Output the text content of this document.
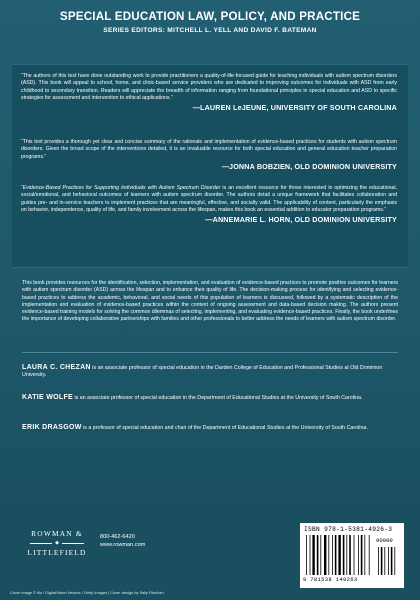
SPECIAL EDUCATION LAW, POLICY, AND PRACTICE
SERIES EDITORS: MITCHELL L. YELL AND DAVID F. BATEMAN

“The authors of this text have done outstanding work to provide practitioners a quality-of-life-focused guide for teaching individuals with autism spectrum disorders (ASD). This book will appeal to school, home, and clinic-based service providers who are dedicated to improving outcomes for individuals with ASD from early childhood to secondary transition. Readers will appreciate the breadth of information ranging from foundational principles in special education and ASD to specific strategies for assessment and intervention to ethical applications.”

—LAUREN LeJEUNE, UNIVERSITY OF SOUTH CAROLINA

“This text provides a thorough yet clear and concise summary of the rationale and implementation of evidence-based practices for students with autism spectrum disorders. Given the broad scope of the interventions detailed, it is an invaluable resource for both special education and general education teacher preparation programs.”

—JONNA BOBZIEN, OLD DOMINION UNIVERSITY

“Evidence-Based Practices for Supporting Individuals with Autism Spectrum Disorder is an excellent resource for those interested in optimizing the educational, social/emotional, and behavioral outcomes of learners with autism spectrum disorder. The authors detail a unique framework that facilitates collaboration and guides pre- and in-service teachers to implement practices that are meaningful, effective, and socially valid. The applicability of content, particularly the emphasis on behavior, independence, quality of life, and family involvement across the lifespan, makes this book an essential addition to educator preparation programs.”

—ANNEMARIE L. HORN, OLD DOMINION UNIVERSITY

This book provides resources for the identification, selection, implementation, and evaluation of evidence-based practices to promote positive outcomes for learners with autism spectrum disorder (ASD) across the lifespan and to enhance their quality of life. The decision-making process for identifying and selecting evidence-based practices to address the academic, behavioral, and social needs of this population of learners is discussed, followed by a systematic description of the implementation and evaluation of evidence-based practices within the context of ongoing assessment and data-based decision making. The authors present evidence-based training models for solving the common dilemmas of selecting, implementing, and evaluating evidence-based practices. Finally, the book underlines the importance of developing collaborative partnerships with families and other professionals to better address the needs of learners with autism spectrum disorder.

LAURA C. CHEZAN is an associate professor of special education in the Darden College of Education and Professional Studies at Old Dominion University.
KATIE WOLFE is an associate professor of special education in the Department of Educational Studies at the University of South Carolina.
ERIK DRASGOW is a professor of special education and chair of the Department of Educational Studies at the University of South Carolina.
ROWMAN &
◆
LITTLEFIELD
800-462-6420
www.rowman.com
ISBN 978-1-5381-4926-3
90000
9 781538 149263
Cover image © filo / DigitalVision Vectors / Getty Images | Cover design by Sally Rinehart
